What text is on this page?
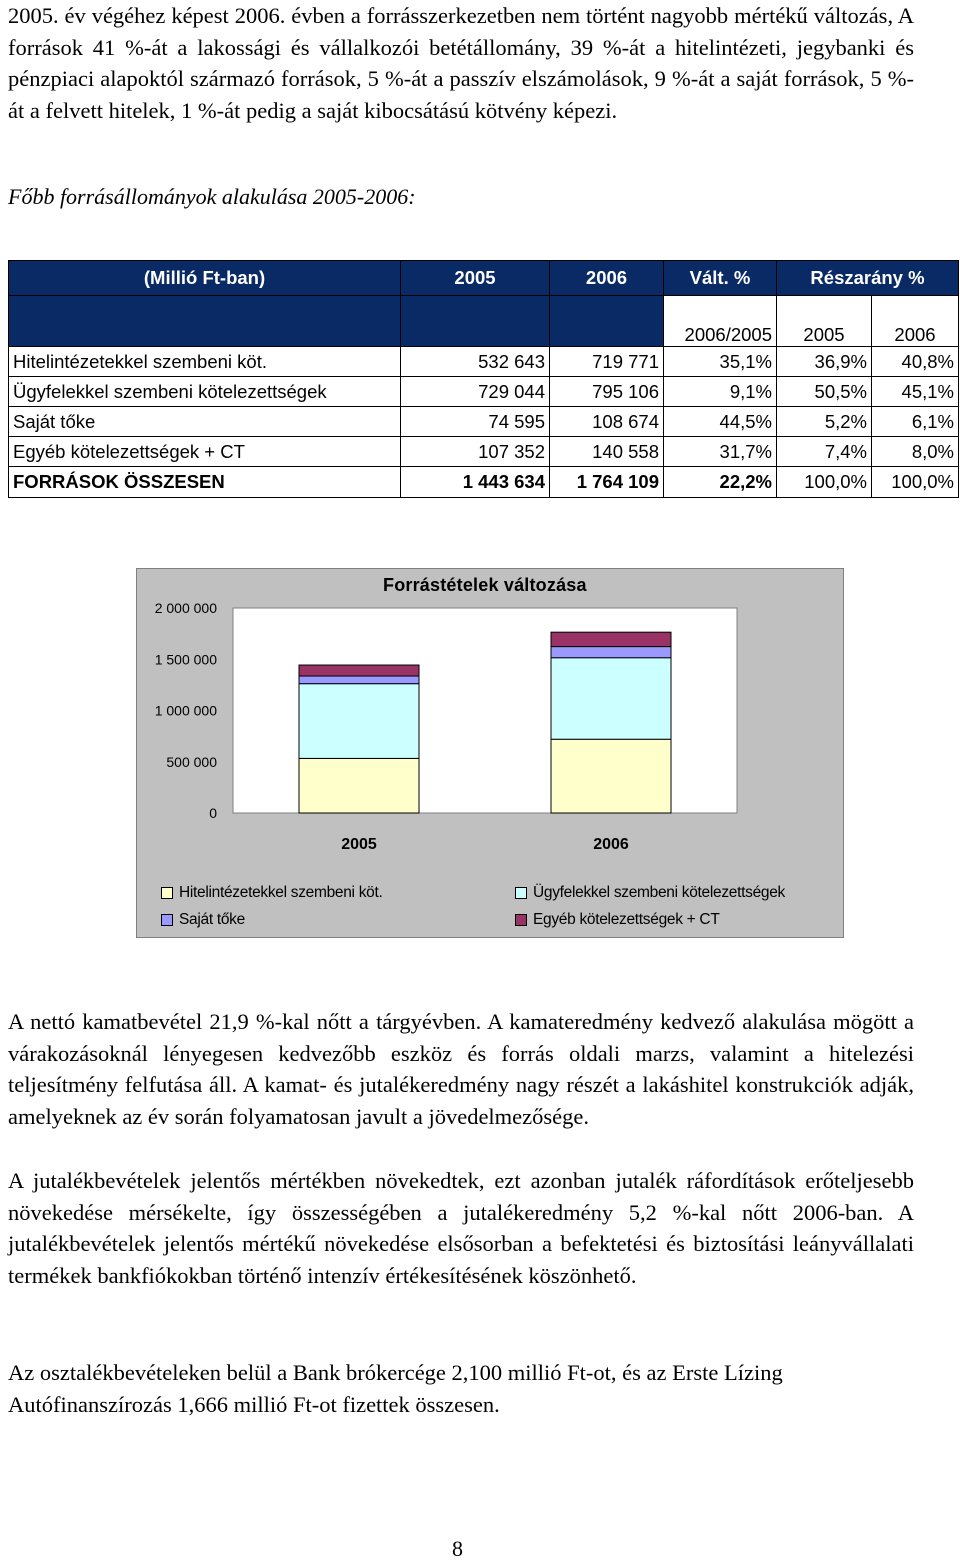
2005. év végéhez képest 2006. évben a forrásszerkezetben nem történt nagyobb mértékű változás, A források 41 %-át a lakossági és vállalkozói betétállomány, 39 %-át a hitelintézeti, jegybanki és pénzpiaci alapoktól származó források, 5 %-át a passzív elszámolások, 9 %-át a saját források, 5 %-át a felvett hitelek, 1 %-át pedig a saját kibocsátású kötvény képezi.

Főbb forrásállományok alakulása 2005-2006:

(Millió Ft-ban)	2005	2006	Vált. %	Részarány %	
			2006/2005	2005	2006
Hitelintézetekkel szembeni köt.	532 643	719 771	35,1%	36,9%	40,8%
Ügyfelekkel szembeni kötelezettségek	729 044	795 106	9,1%	50,5%	45,1%
Saját tőke	74 595	108 674	44,5%	5,2%	6,1%
Egyéb kötelezettségek + CT	107 352	140 558	31,7%	7,4%	8,0%
FORRÁSOK ÖSSZESEN	1 443 634	1 764 109	22,2%	100,0%	100,0%
Forrástételek változása
0
500 000
1 000 000
1 500 000
2 000 000
2005	2006
Hitelintézetekkel szembeni köt.	Ügyfelekkel szembeni kötelezettségek
Saját tőke	Egyéb kötelezettségek + CT

A nettó kamatbevétel 21,9 %-kal nőtt a tárgyévben. A kamateredmény kedvező alakulása mögött a várakozásoknál lényegesen kedvezőbb eszköz és forrás oldali marzs, valamint a hitelezési teljesítmény felfutása áll. A kamat- és jutalékeredmény nagy részét a lakáshitel konstrukciók adják, amelyeknek az év során folyamatosan javult a jövedelmezősége.

A jutalékbevételek jelentős mértékben növekedtek, ezt azonban jutalék ráfordítások erőteljesebb növekedése mérsékelte, így összességében a jutalékeredmény 5,2 %-kal nőtt 2006-ban. A jutalékbevételek jelentős mértékű növekedése elsősorban a befektetési és biztosítási leányvállalati termékek bankfiókokban történő intenzív értékesítésének köszönhető.

Az osztalékbevételeken belül a Bank brókercége 2,100 millió Ft-ot, és az Erste Lízing Autófinanszírozás 1,666 millió Ft-ot fizettek összesen.

8
